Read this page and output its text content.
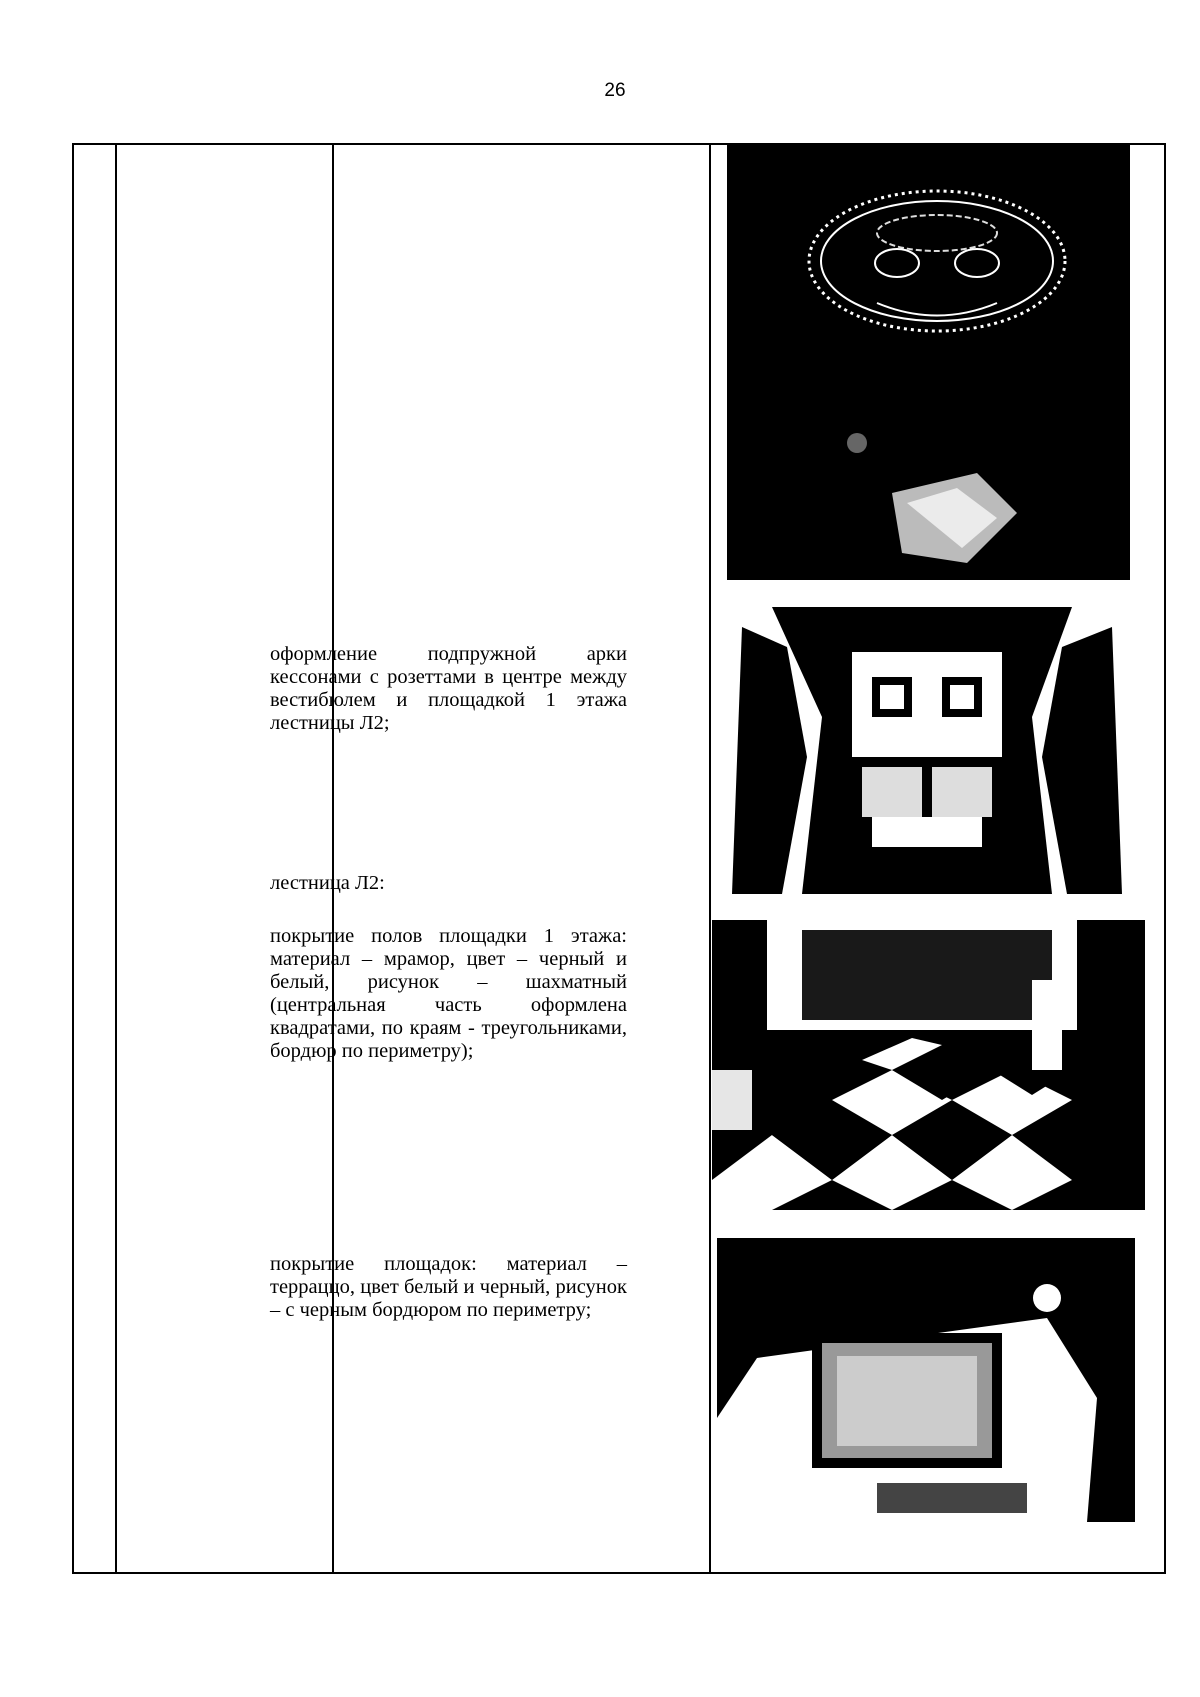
26
оформление подпружной арки кессонами с розеттами в центре между вестибюлем и площадкой 1 этажа лестницы Л2;
лестница Л2:
покрытие полов площадки 1 этажа: материал – мрамор, цвет – черный и белый, рисунок – шахматный (центральная часть оформлена квадратами, по краям - треугольниками, бордюр по периметру);
покрытие площадок: материал – терраццо, цвет белый и черный, рисунок – с черным бордюром по периметру;
